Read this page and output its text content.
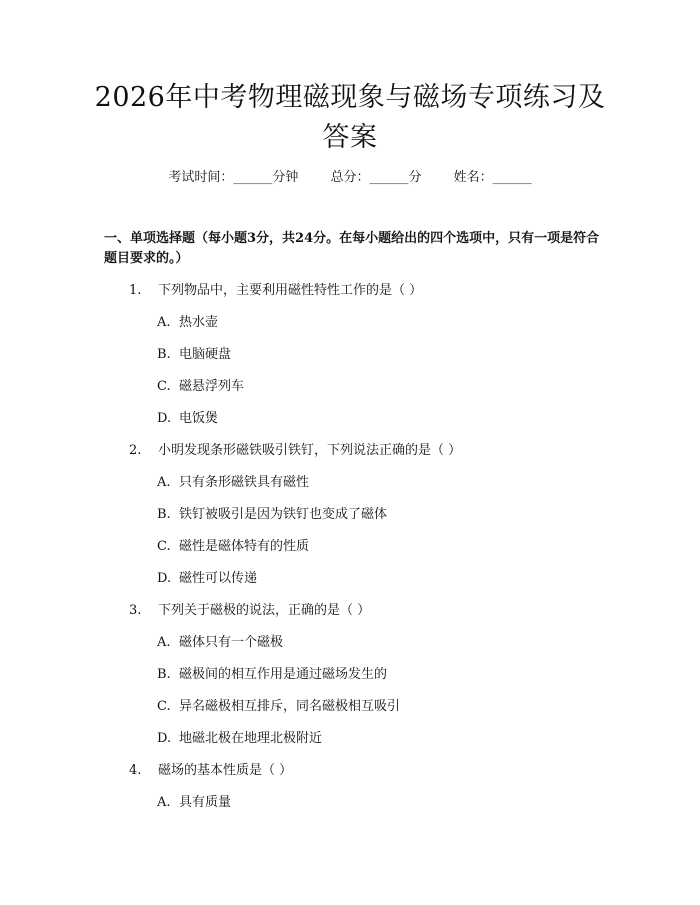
2026年中考物理磁现象与磁场专项练习及答案
考试时间：______分钟 总分：______分 姓名：______
一、单项选择题（每小题3分，共24分。在每小题给出的四个选项中，只有一项是符合题目要求的。）
1. 下列物品中，主要利用磁性特性工作的是（ ）
A. 热水壶
B. 电脑硬盘
C. 磁悬浮列车
D. 电饭煲
2. 小明发现条形磁铁吸引铁钉，下列说法正确的是（ ）
A. 只有条形磁铁具有磁性
B. 铁钉被吸引是因为铁钉也变成了磁体
C. 磁性是磁体特有的性质
D. 磁性可以传递
3. 下列关于磁极的说法，正确的是（ ）
A. 磁体只有一个磁极
B. 磁极间的相互作用是通过磁场发生的
C. 异名磁极相互排斥，同名磁极相互吸引
D. 地磁北极在地理北极附近
4. 磁场的基本性质是（ ）
A. 具有质量
